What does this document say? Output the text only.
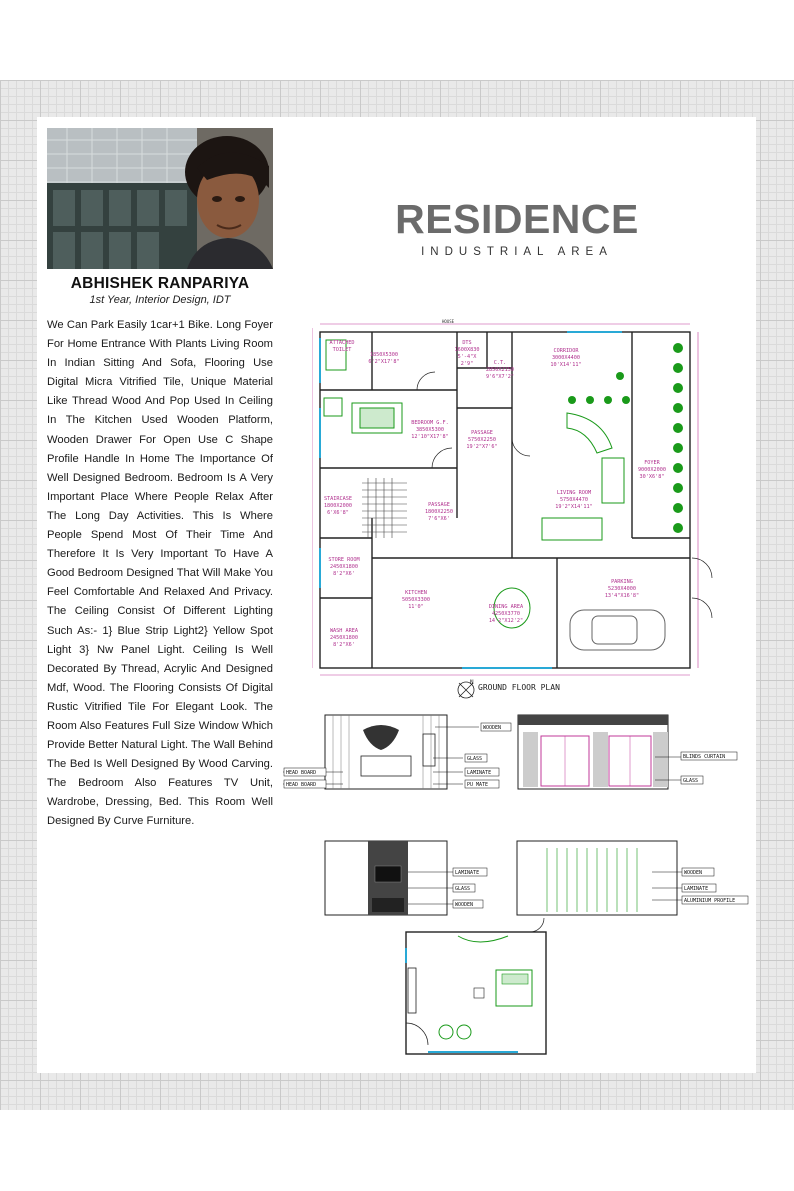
ABHISHEK RANPARIYA
1st Year, Interior Design, IDT
We Can Park Easily 1car+1 Bike. Long Foyer For Home Entrance With Plants Living Room In Indian Sitting And Sofa, Flooring Use Digital Micra Vitrified Tile, Unique Material Like Thread Wood And Pop Used In Ceiling In The Kitchen Used Wooden Platform, Wooden Drawer For Open Use C Shape Profile Handle In Home The Importance Of Well Designed Bedroom. Bedroom Is A Very Important Place Where People Relax After The Long Day Activities. This Is Where People Spend Most Of Their Time And Therefore It Is Very Important To Have A Good Bedroom Designed That Will Make You Feel Comfortable And Relaxed And Privacy. The Ceiling Consist Of Different Lighting Such As:- 1} Blue Strip Light2} Yellow Spot Light 3} Nw Panel Light. Ceiling Is Well Decorated By Thread, Acrylic And Designed Mdf, Wood. The Flooring Consists Of Digital Rustic Vitrified Tile For Elegant Look. The Room Also Features Full Size Window Which Provide Better Natural Light. The Wall Behind The Bed Is Well Designed By Wood Carving. The Bedroom Also Features TV Unit, Wardrobe, Dressing, Bed. This Room Well Designed By Curve Furniture.
RESIDENCE
INDUSTRIAL AREA
ATTACHED
TOILET
1850X5300
6'2"X17'8"
DTS
1600X830
5'-4"X
2'9"	C.T.
2850X2150
9'6"X7'2"
CORRIDOR
3000X4400
10'X14'11"
BEDROOM G.F.
3850X5300
12'10"X17'8"
PASSAGE
5750X2250
19'2"X7'6"
FOYER
9000X2000
30'X6'8"
STAIRCASE
1800X2000
6'X6'8"
PASSAGE
1800X2250
7'6"X6'
LIVING ROOM
5750X4470
19'2"X14'11"
STORE ROOM
2450X1800
8'2"X6'
KITCHEN
5050X3300
11'0"	DINING AREA
4250X3770
14'2"X12'2"
PARKING
5230X4000
13'4"X16'8"
WASH AREA
2450X1800
8'2"X6'
HOUSE
N
GROUND FLOOR PLAN
WOODEN
GLASS
LAMINATE
PU MATE
HEAD BOARD
HEAD BOARD
BLINDS CURTAIN
GLASS
LAMINATE
GLASS
WOODEN
WOODEN
LAMINATE
ALUMINIUM PROFILE
